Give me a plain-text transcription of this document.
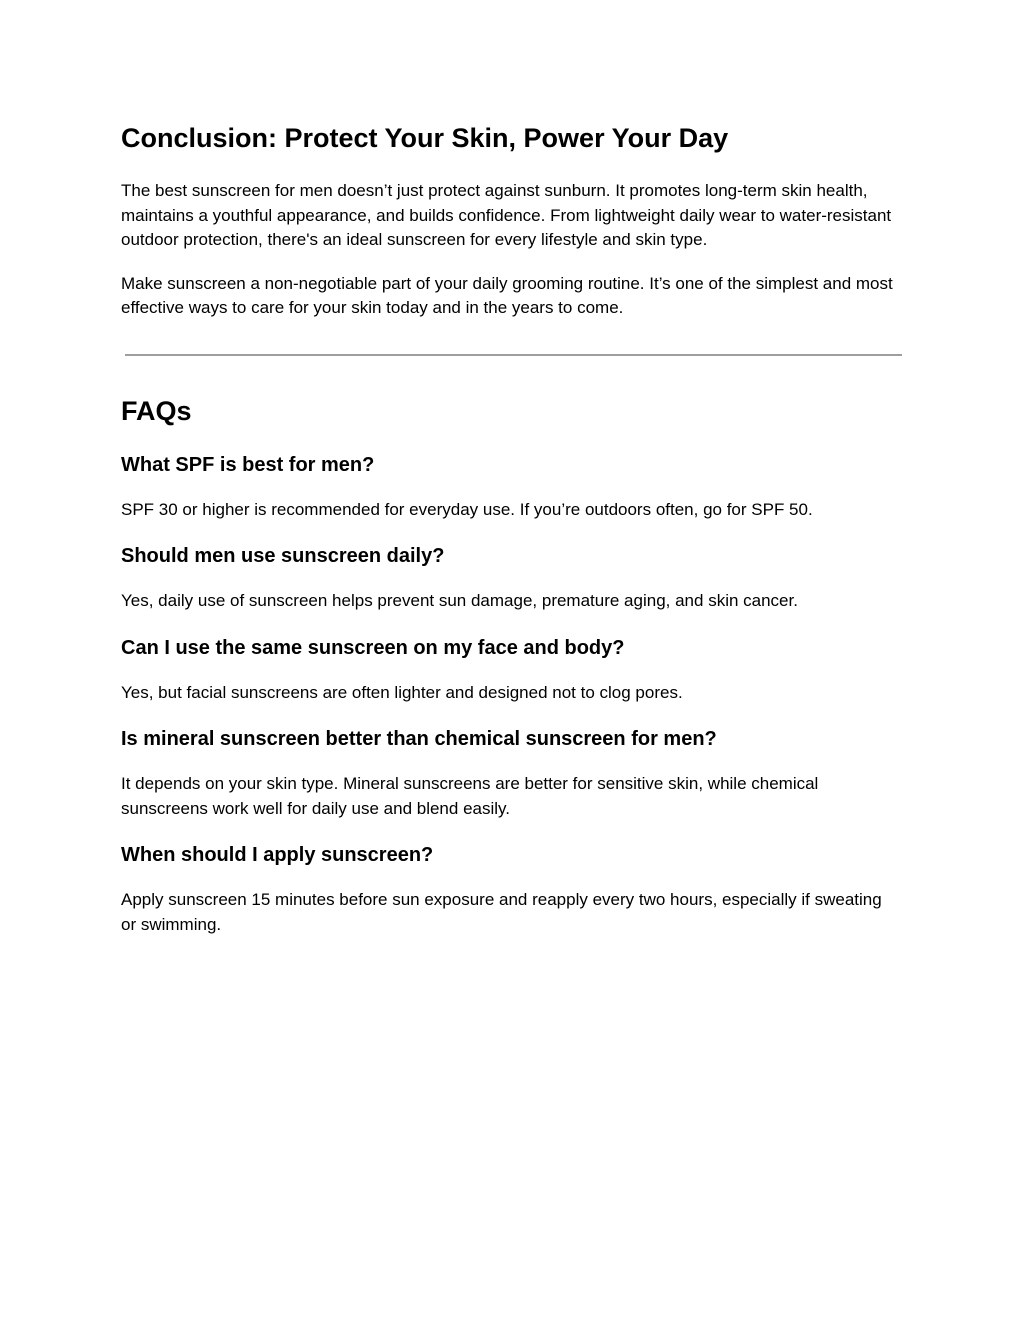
Conclusion: Protect Your Skin, Power Your Day

The best sunscreen for men doesn’t just protect against sunburn. It promotes long-term skin health, maintains a youthful appearance, and builds confidence. From lightweight daily wear to water-resistant outdoor protection, there's an ideal sunscreen for every lifestyle and skin type.

Make sunscreen a non-negotiable part of your daily grooming routine. It’s one of the simplest and most effective ways to care for your skin today and in the years to come.

FAQs
What SPF is best for men?

SPF 30 or higher is recommended for everyday use. If you’re outdoors often, go for SPF 50.

Should men use sunscreen daily?

Yes, daily use of sunscreen helps prevent sun damage, premature aging, and skin cancer.

Can I use the same sunscreen on my face and body?

Yes, but facial sunscreens are often lighter and designed not to clog pores.

Is mineral sunscreen better than chemical sunscreen for men?

It depends on your skin type. Mineral sunscreens are better for sensitive skin, while chemical sunscreens work well for daily use and blend easily.

When should I apply sunscreen?

Apply sunscreen 15 minutes before sun exposure and reapply every two hours, especially if sweating or swimming.
